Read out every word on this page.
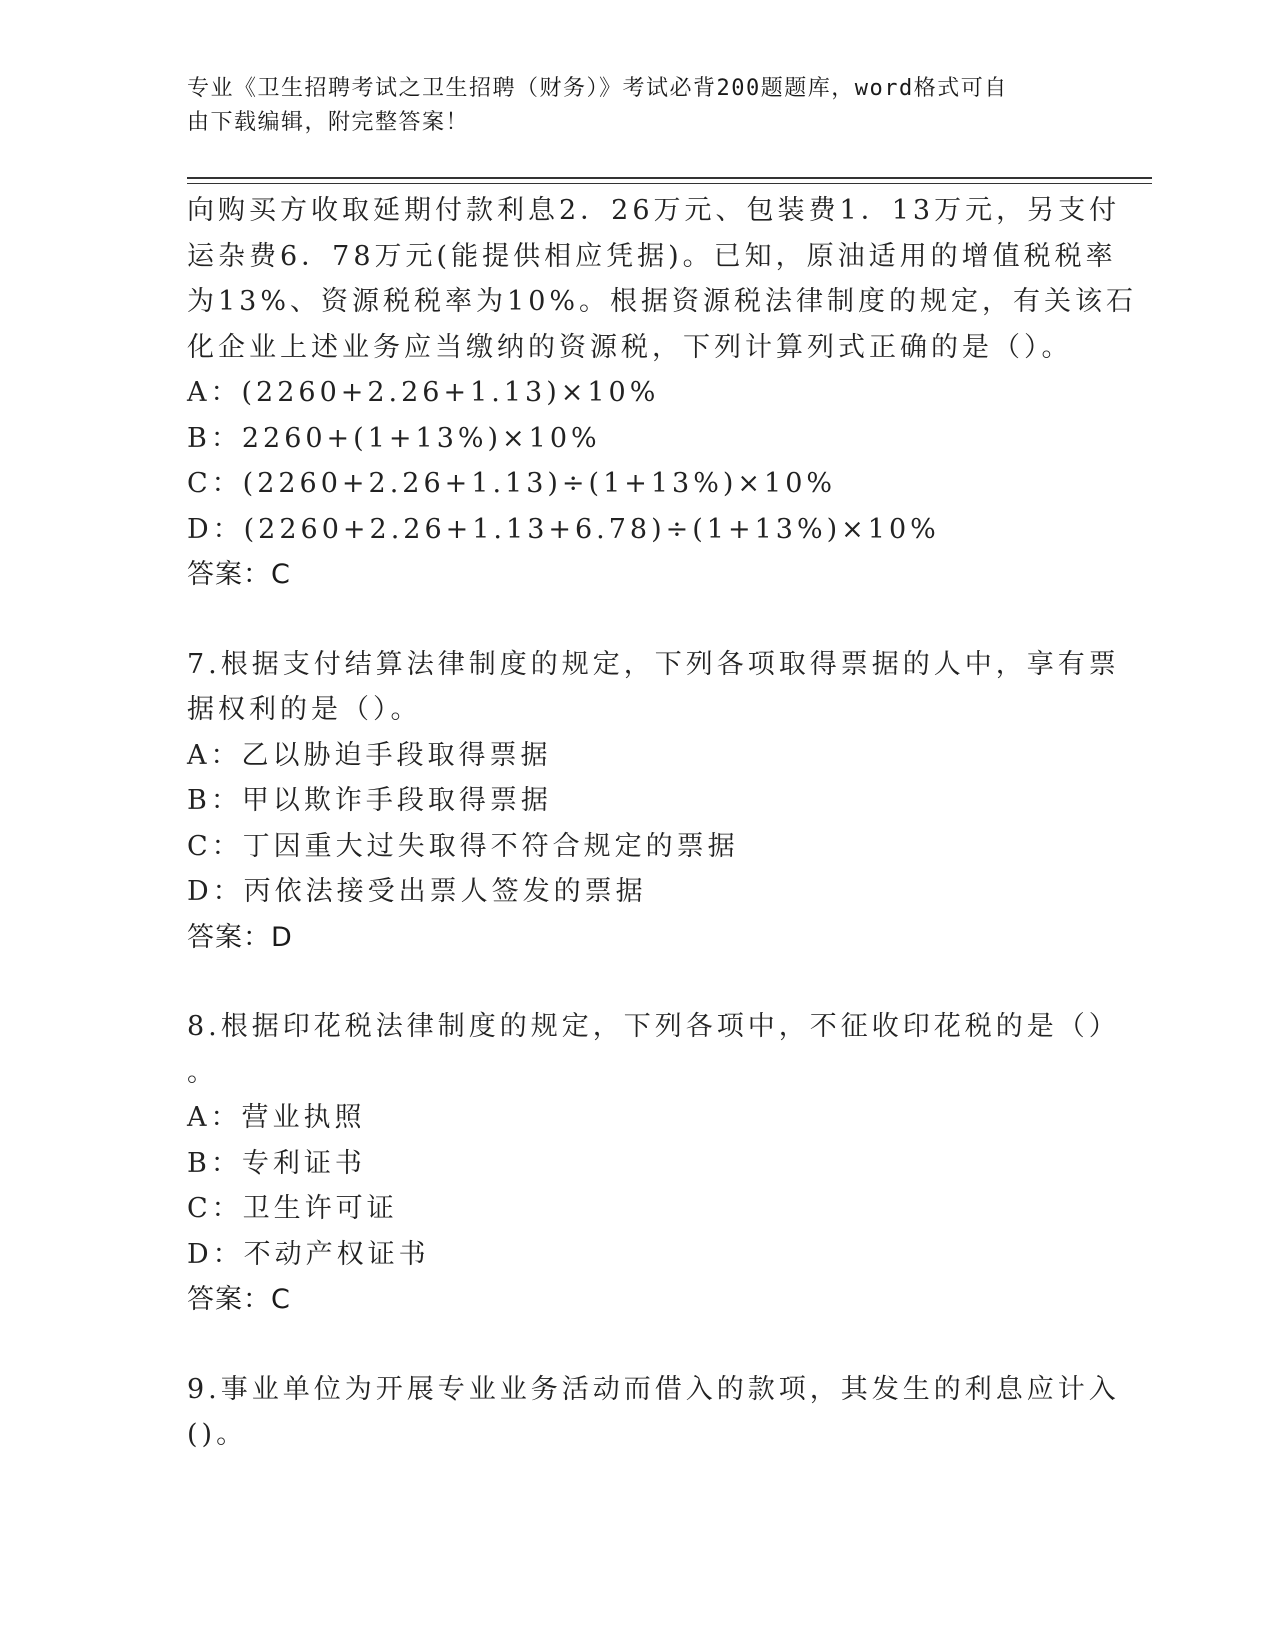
专业《卫生招聘考试之卫生招聘（财务）》考试必背200题题库，word格式可自
由下载编辑，附完整答案！
向购买方收取延期付款利息2．26万元、包装费1．13万元，另支付
运杂费6．78万元(能提供相应凭据)。已知，原油适用的增值税税率
为13%、资源税税率为10%。根据资源税法律制度的规定，有关该石
化企业上述业务应当缴纳的资源税，下列计算列式正确的是（）。
A：(2260+2.26+1.13)×10%
B：2260+(1+13%)×10%
C：(2260+2.26+1.13)÷(1+13%)×10%
D：(2260+2.26+1.13+6.78)÷(1+13%)×10%
答案：C
7.根据支付结算法律制度的规定，下列各项取得票据的人中，享有票
据权利的是（）。
A：乙以胁迫手段取得票据
B：甲以欺诈手段取得票据
C：丁因重大过失取得不符合规定的票据
D：丙依法接受出票人签发的票据
答案：D
8.根据印花税法律制度的规定，下列各项中，不征收印花税的是（）
。
A：营业执照
B：专利证书
C：卫生许可证
D：不动产权证书
答案：C
9.事业单位为开展专业业务活动而借入的款项，其发生的利息应计入
()。
